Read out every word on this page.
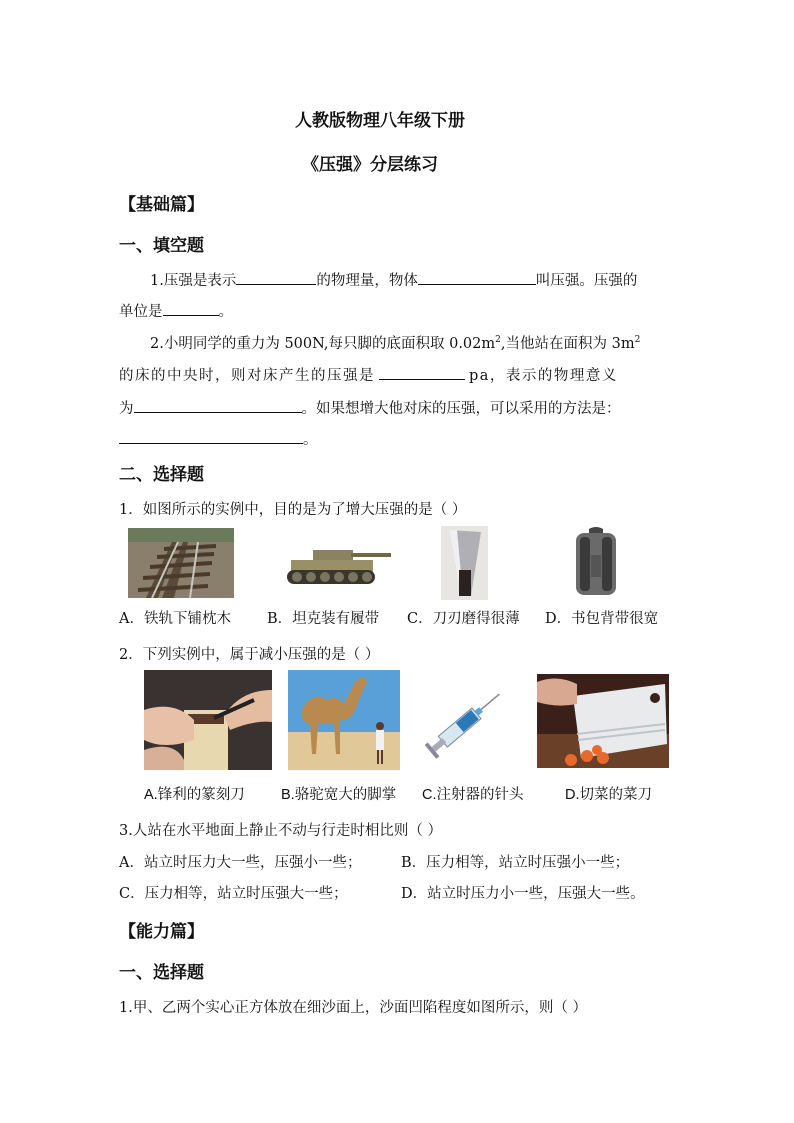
人教版物理八年级下册
《压强》分层练习
【基础篇】
一、填空题
1.压强是表示	的物理量，物体	叫压强。压强的
单位是	。
2.小明同学的重力为 500N,每只脚的底面积取 $0.02m^2$,当他站在面积为 $3m^2$
的床的中央时，则对床产生的压强是	pa，表示的物理意义
为	。如果想增大他对床的压强，可以采用的方法是：
。
二、选择题
1．如图所示的实例中，目的是为了增大压强的是（ ）
A．铁轨下铺枕木 B．坦克装有履带 C．刀刃磨得很薄 D．书包背带很宽
2．下列实例中，属于减小压强的是（ ）
A.锋利的篆刻刀	B.骆驼宽大的脚掌 C.注射器的针头	D.切菜的菜刀
3.人站在水平地面上静止不动与行走时相比则（ ）
A．站立时压力大一些，压强小一些；	B．压力相等，站立时压强小一些；
C．压力相等，站立时压强大一些；	D．站立时压力小一些，压强大一些。
【能力篇】
一、选择题
1.甲、乙两个实心正方体放在细沙面上，沙面凹陷程度如图所示，则（ ）
